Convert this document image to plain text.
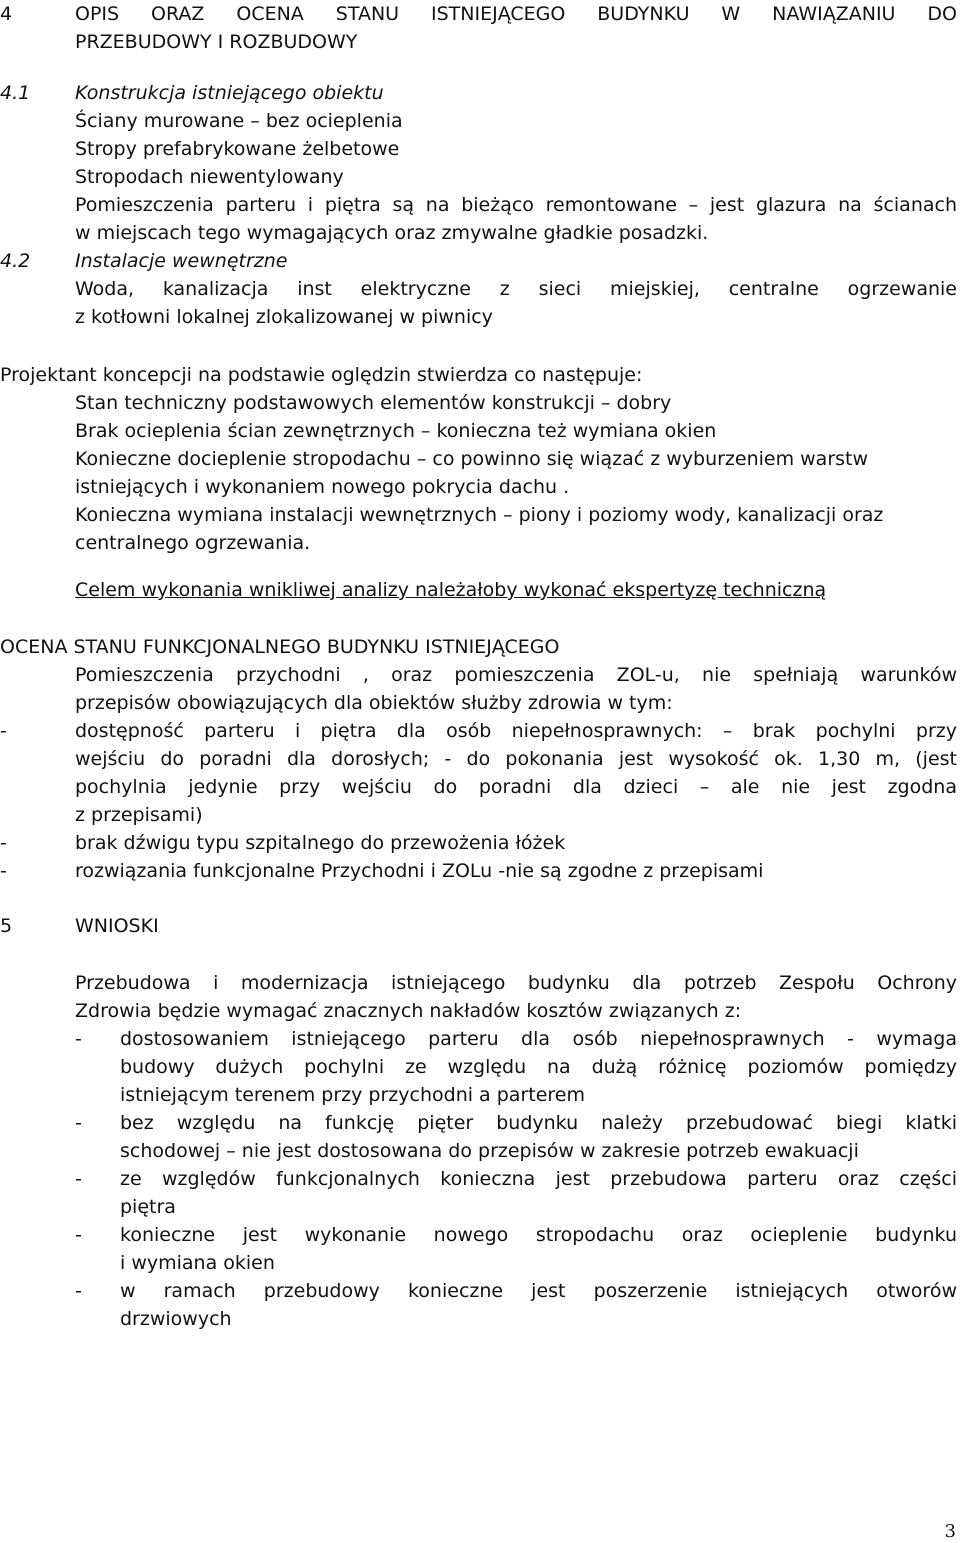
4	OPIS ORAZ OCENA STANU ISTNIEJĄCEGO BUDYNKU W NAWIĄZANIU DO
PRZEBUDOWY I ROZBUDOWY
4.1 Konstrukcja istniejącego obiektu
Ściany murowane – bez ocieplenia
Stropy prefabrykowane żelbetowe
Stropodach niewentylowany
Pomieszczenia parteru i piętra są na bieżąco remontowane – jest glazura na ścianach
w miejscach tego wymagających oraz zmywalne gładkie posadzki.
4.2 Instalacje wewnętrzne
Woda, kanalizacja inst elektryczne z sieci miejskiej, centralne ogrzewanie
z kotłowni lokalnej zlokalizowanej w piwnicy
Projektant koncepcji na podstawie oględzin stwierdza co następuje:
Stan techniczny podstawowych elementów konstrukcji – dobry
Brak ocieplenia ścian zewnętrznych – konieczna też wymiana okien
Konieczne docieplenie stropodachu – co powinno się wiązać z wyburzeniem warstw
istniejących i wykonaniem nowego pokrycia dachu .
Konieczna wymiana instalacji wewnętrznych – piony i poziomy wody, kanalizacji oraz
centralnego ogrzewania.
Celem wykonania wnikliwej analizy należałoby wykonać ekspertyzę techniczną
OCENA STANU FUNKCJONALNEGO BUDYNKU ISTNIEJĄCEGO
Pomieszczenia przychodni , oraz pomieszczenia ZOL-u, nie spełniają warunków
przepisów obowiązujących dla obiektów służby zdrowia w tym:
-	dostępność parteru i piętra dla osób niepełnosprawnych: – brak pochylni przy
wejściu do poradni dla dorosłych; - do pokonania jest wysokość ok. 1,30 m, (jest
pochylnia jedynie przy wejściu do poradni dla dzieci – ale nie jest zgodna
z przepisami)
-	brak dźwigu typu szpitalnego do przewożenia łóżek
-	rozwiązania funkcjonalne Przychodni i ZOLu -nie są zgodne z przepisami
5	WNIOSKI
Przebudowa i modernizacja istniejącego budynku dla potrzeb Zespołu Ochrony
Zdrowia będzie wymagać znacznych nakładów kosztów związanych z:
- dostosowaniem istniejącego parteru dla osób niepełnosprawnych - wymaga
budowy dużych pochylni ze względu na dużą różnicę poziomów pomiędzy
istniejącym terenem przy przychodni a parterem
- bez względu na funkcję pięter budynku należy przebudować biegi klatki
schodowej – nie jest dostosowana do przepisów w zakresie potrzeb ewakuacji
- ze względów funkcjonalnych konieczna jest przebudowa parteru oraz części
piętra
- konieczne jest wykonanie nowego stropodachu oraz ocieplenie budynku
i wymiana okien
- w ramach przebudowy konieczne jest poszerzenie istniejących otworów
drzwiowych
3
